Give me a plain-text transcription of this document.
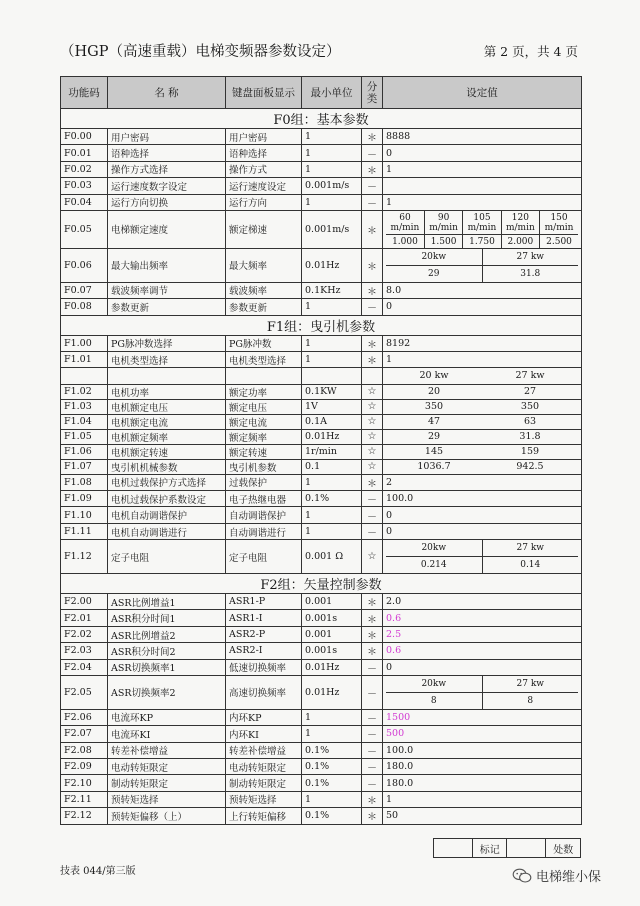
（HGP（高速重载）电梯变频器参数设定）	第 2 页，共 4 页
功能码	名 称	键盘面板显示	最小单位	分类	设定值
F0组：基本参数
F0.00	用户密码	用户密码	1	＊	8888
F0.01	语种选择	语种选择	1	－	0
F0.02	操作方式选择	操作方式	1	＊	1
F0.03	运行速度数字设定	运行速度设定	0.001m/s	－	
F0.04	运行方向切换	运行方向	1	－	1
F0.05	电梯额定速度	额定梯速	0.001m/s	＊	
60 m/min	90 m/min	105 m/min	120 m/min	150 m/min
1.000	1.500	1.750	2.000	2.500

F0.06	最大输出频率	最大频率	0.01Hz	＊	
20kw	27 kw
29	31.8

F0.07	载波频率调节	载波频率	0.1KHz	＊	8.0
F0.08	参数更新	参数更新	1	－	0
F1组：曳引机参数
F1.00	PG脉冲数选择	PG脉冲数	1	＊	8192
F1.01	电机类型选择	电机类型选择	1	＊	1

20 kw	27 kw

F1.02	电机功率	额定功率	0.1KW	☆	20	27

F1.03	电机额定电压	额定电压	1V	☆	350	350

F1.04	电机额定电流	额定电流	0.1A	☆	47	63

F1.05	电机额定频率	额定频率	0.01Hz	☆	29	31.8

F1.06	电机额定转速	额定转速	1r/min	☆	145	159

F1.07	曳引机机械参数	曳引机参数	0.1	☆	1036.7	942.5

F1.08	电机过载保护方式选择	过载保护	1	＊	2
F1.09	电机过载保护系数设定	电子热继电器	0.1%	－	100.0
F1.10	电机自动调谐保护	自动调谐保护	1	－	0
F1.11	电机自动调谐进行	自动调谐进行	1	－	0
F1.12	定子电阻	定子电阻	0.001 Ω	☆	
20kw	27 kw
0.214	0.14

F2组：矢量控制参数
F2.00	ASR比例增益1	ASR1-P	0.001	＊	2.0
F2.01	ASR积分时间1	ASR1-I	0.001s	＊	0.6
F2.02	ASR比例增益2	ASR2-P	0.001	＊	2.5
F2.03	ASR积分时间2	ASR2-I	0.001s	＊	0.6
F2.04	ASR切换频率1	低速切换频率	0.01Hz	－	0
F2.05	ASR切换频率2	高速切换频率	0.01Hz	－	
20kw	27 kw
8	8

F2.06	电流环KP	内环KP	1	－	1500
F2.07	电流环KI	内环KI	1	－	500
F2.08	转差补偿增益	转差补偿增益	0.1%	－	100.0
F2.09	电动转矩限定	电动转矩限定	0.1%	－	180.0
F2.10	制动转矩限定	制动转矩限定	0.1%	－	180.0
F2.11	预转矩选择	预转矩选择	1	＊	1
F2.12	预转矩偏移（上）	上行转矩偏移	0.1%	＊	50
标记	处数
技表 044/第三版	电梯维小保
